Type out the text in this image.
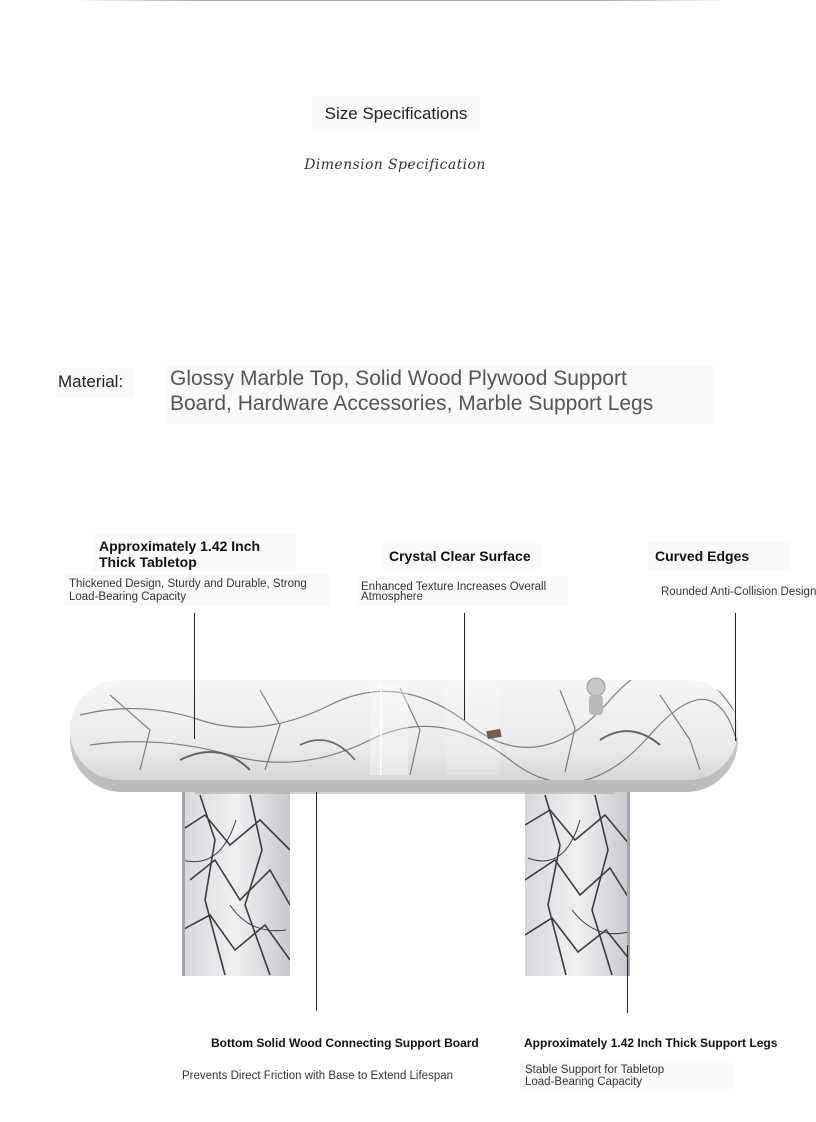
Size Specifications
Dimension Specification
Material:	Glossy Marble Top, Solid Wood Plywood Support
Board, Hardware Accessories, Marble Support Legs
Approximately 1.42 Inch
Thick Tabletop
Thickened Design, Sturdy and Durable, Strong
Load-Bearing Capacity
Crystal Clear Surface
Enhanced Texture Increases Overall
Atmosphere
Curved Edges
Rounded Anti-Collision Design
Bottom Solid Wood Connecting Support Board
Prevents Direct Friction with Base to Extend Lifespan
Approximately 1.42 Inch Thick Support Legs
Stable Support for Tabletop
Load-Bearing Capacity
